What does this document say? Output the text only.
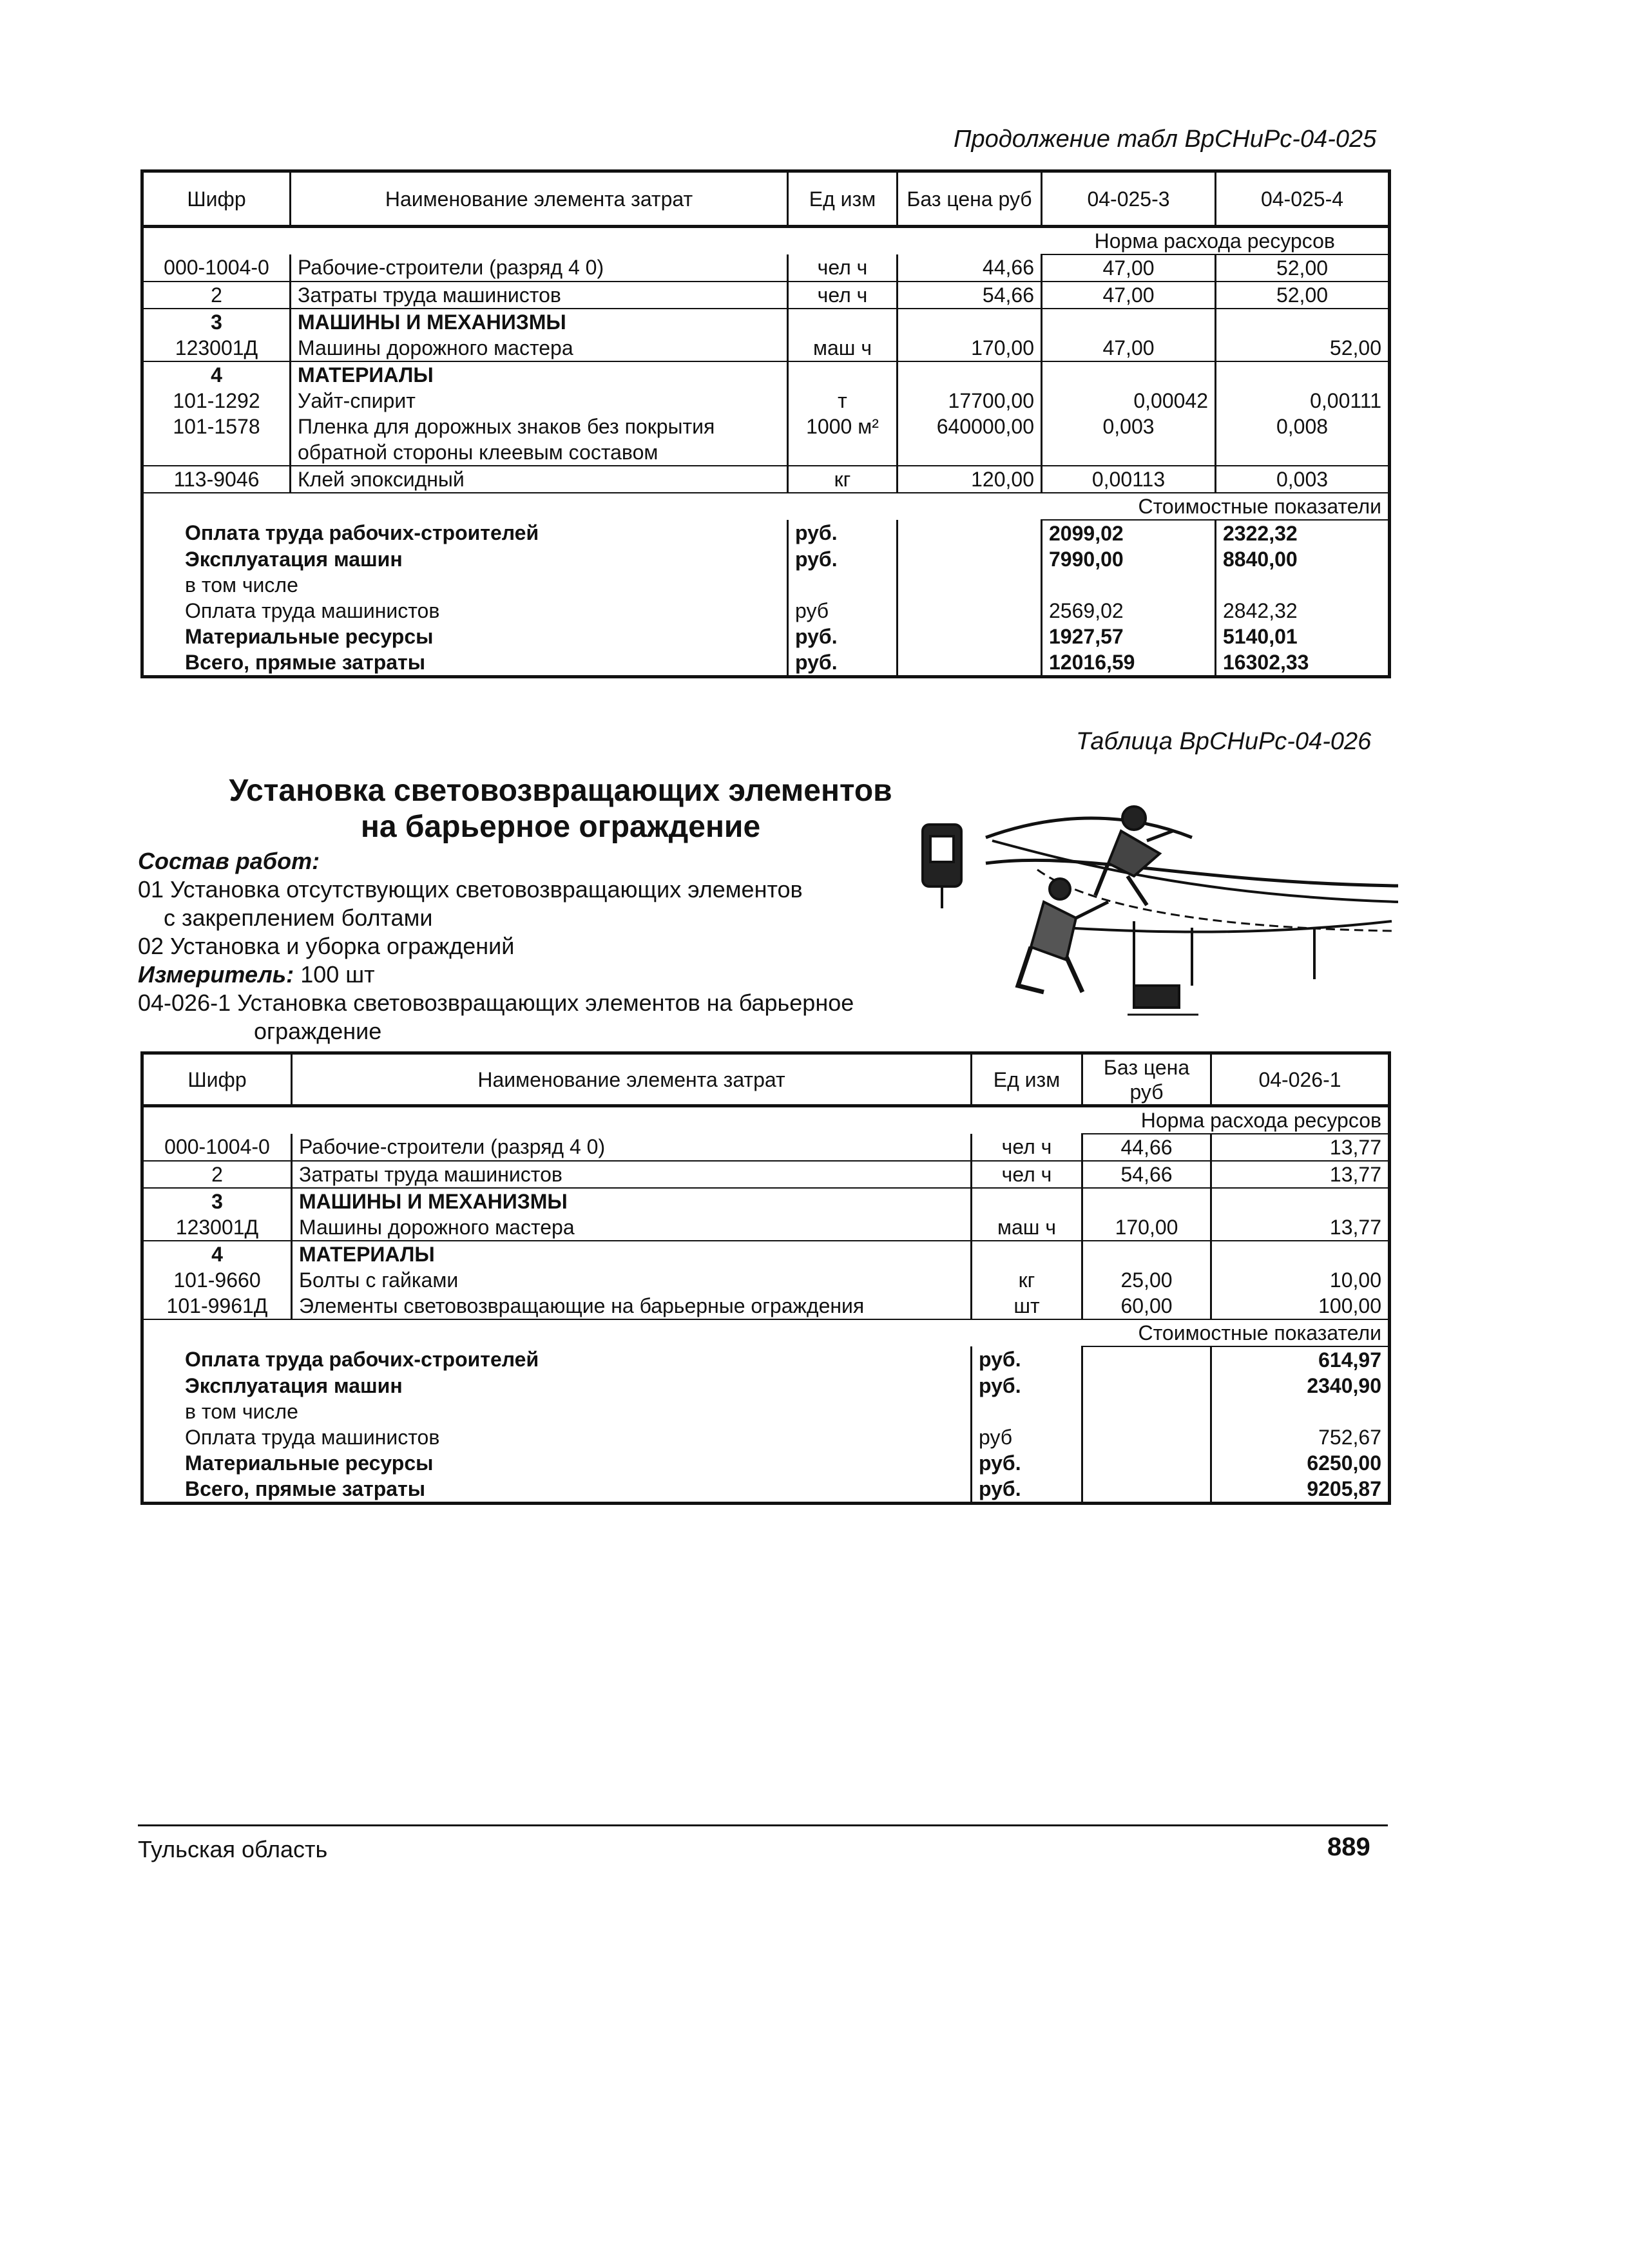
Продолжение табл ВрСНиРс-04-025
Шифр	Наименование элемента затрат	Ед изм	Баз цена руб	04-025-3	04-025-4
				Норма расхода ресурсов	
000-1004-0	Рабочие-строители (разряд 4 0)	чел ч	44,66	47,00	52,00
2	Затраты труда машинистов	чел ч	54,66	47,00	52,00
3	МАШИНЫ И МЕХАНИЗМЫ				
123001Д	Машины дорожного мастера	маш ч	170,00	47,00	52,00
4	МАТЕРИАЛЫ				
101-1292	Уайт-спирит	т	17700,00	0,00042	0,00111
101-1578	Пленка для дорожных знаков без покрытия	1000 м²	640000,00	0,003	0,008
	обратной стороны клеевым составом				
113-9046	Клей эпоксидный	кг	120,00	0,00113	0,003
				Стоимостные показатели	
Оплата труда рабочих-строителей		руб.		2099,02	2322,32
Эксплуатация машин		руб.		7990,00	8840,00
в том числе					
Оплата труда машинистов		руб		2569,02	2842,32
Материальные ресурсы		руб.		1927,57	5140,01
Всего, прямые затраты		руб.		12016,59	16302,33
Таблица ВрСНиРс-04-026
Установка световозвращающих элементов
на барьерное ограждение
Состав работ:
01 Установка отсутствующих световозвращающих элементов
с закреплением болтами
02 Установка и уборка ограждений
Измеритель: 100 шт
04-026-1 Установка световозвращающих элементов на барьерное
ограждение
Шифр	Наименование элемента затрат	Ед изм	Баз цена руб	04-026-1
			Норма расхода ресурсов	
000-1004-0	Рабочие-строители (разряд 4 0)	чел ч	44,66	13,77
2	Затраты труда машинистов	чел ч	54,66	13,77
3	МАШИНЫ И МЕХАНИЗМЫ			
123001Д	Машины дорожного мастера	маш ч	170,00	13,77
4	МАТЕРИАЛЫ			
101-9660	Болты с гайками	кг	25,00	10,00
101-9961Д	Элементы световозвращающие на барьерные ограждения	шт	60,00	100,00
			Стоимостные показатели	
Оплата труда рабочих-строителей		руб.		614,97
Эксплуатация машин		руб.		2340,90
в том числе				
Оплата труда машинистов		руб		752,67
Материальные ресурсы		руб.		6250,00
Всего, прямые затраты		руб.		9205,87
Тульская область	889
